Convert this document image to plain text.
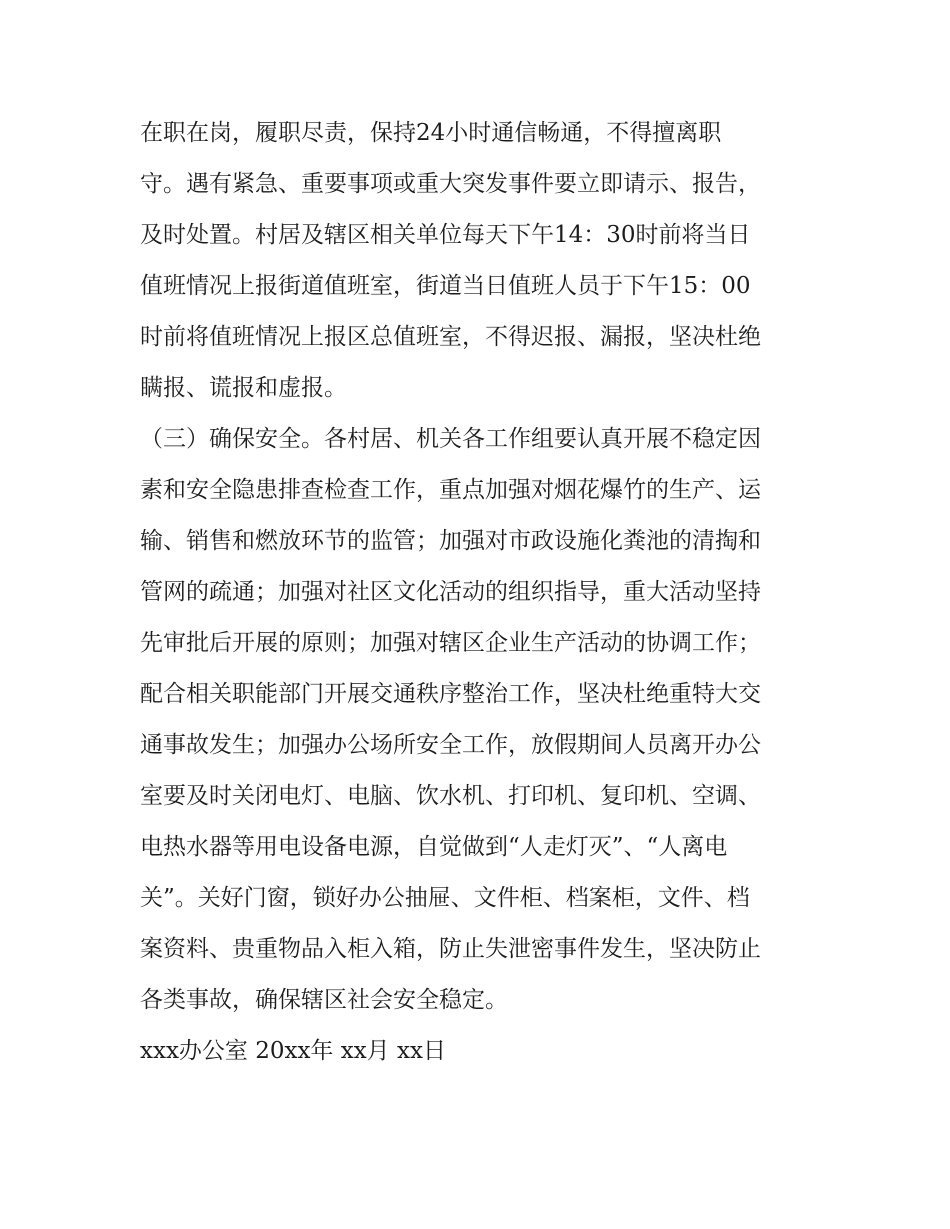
在职在岗，履职尽责，保持24小时通信畅通，不得擅离职
守。遇有紧急、重要事项或重大突发事件要立即请示、报告，
及时处置。村居及辖区相关单位每天下午14：30时前将当日
值班情况上报街道值班室，街道当日值班人员于下午15：00
时前将值班情况上报区总值班室，不得迟报、漏报，坚决杜绝
瞒报、谎报和虚报。
（三）确保安全。各村居、机关各工作组要认真开展不稳定因
素和安全隐患排查检查工作，重点加强对烟花爆竹的生产、运
输、销售和燃放环节的监管；加强对市政设施化粪池的清掏和
管网的疏通；加强对社区文化活动的组织指导，重大活动坚持
先审批后开展的原则；加强对辖区企业生产活动的协调工作；
配合相关职能部门开展交通秩序整治工作，坚决杜绝重特大交
通事故发生；加强办公场所安全工作，放假期间人员离开办公
室要及时关闭电灯、电脑、饮水机、打印机、复印机、空调、
电热水器等用电设备电源，自觉做到“人走灯灭”、“人离电
关”。关好门窗，锁好办公抽屉、文件柜、档案柜，文件、档
案资料、贵重物品入柜入箱，防止失泄密事件发生，坚决防止
各类事故，确保辖区社会安全稳定。
xxx办公室 20xx年 xx月 xx日
